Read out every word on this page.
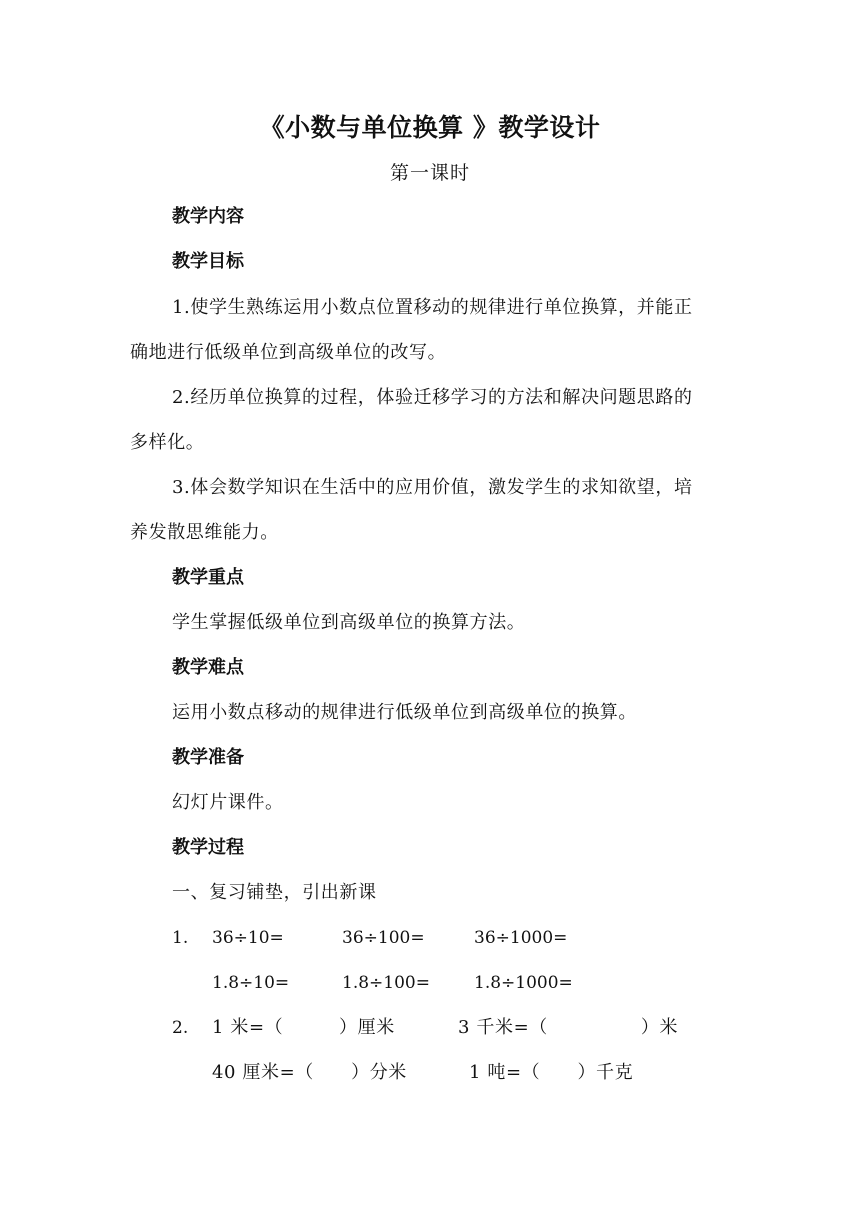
《小数与单位换算 》教学设计
第一课时
教学内容
教学目标
1.使学生熟练运用小数点位置移动的规律进行单位换算，并能正
确地进行低级单位到高级单位的改写。
2.经历单位换算的过程，体验迁移学习的方法和解决问题思路的
多样化。
3.体会数学知识在生活中的应用价值，激发学生的求知欲望，培
养发散思维能力。
教学重点
学生掌握低级单位到高级单位的换算方法。
教学难点
运用小数点移动的规律进行低级单位到高级单位的换算。
教学准备
幻灯片课件。
教学过程
一、复习铺垫，引出新课
1. 36÷10=	36÷100=	36÷1000=
1.8÷10=	1.8÷100=	1.8÷1000=
2. 1 米=（　　　）厘米	3 千米=（　　　　　）米
40 厘米=（　　）分米	1 吨=（　　）千克
